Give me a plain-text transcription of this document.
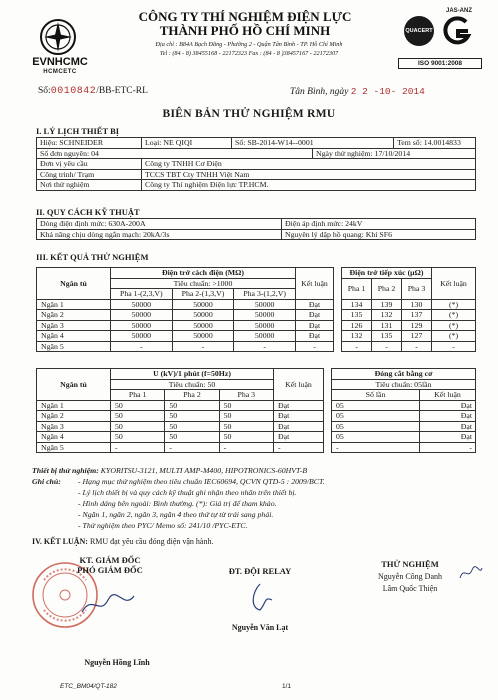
EVNHCMC
HCMCETC
CÔNG TY THÍ NGHIỆM ĐIỆN LỰC
THÀNH PHỐ HỒ CHÍ MINH
Địa chỉ : B84A Bạch Đằng - Phường 2 - Quận Tân Bình - TP. Hồ Chí Minh
Tel : (84 - 8) 38455168 - 22172323 Fax : (84 - 8 )38457167 - 22172307
JAS-ANZ
QUACERT
ISO 9001:2008
Số:0010842/BB-ETC-RL	Tân Bình, ngày 2 2 -10- 2014
BIÊN BẢN THỬ NGHIỆM RMU
I. LÝ LỊCH THIẾT BỊ
Hiệu: SCHNEIDER	Loại: NE QIQI	Số: SB-2014-W14--0001		Tem số: 14.0014833
Số đơn nguyên: 04			Ngày thử nghiệm: 17/10/2014	
Đơn vị yêu cầu	Công ty TNHH Cơ Điện			
Công trình/ Trạm	TCCS TBT Cty TNHH Việt Nam			
Nơi thử nghiệm	Công ty Thí nghiệm Điện lực TP.HCM.			
II. QUY CÁCH KỸ THUẬT
Dòng điện định mức: 630A-200A	Điện áp định mức: 24kV
Khả năng chịu dòng ngắn mạch: 20kA/3s	Nguyên lý dập hồ quang: Khí SF6
III. KẾT QUẢ THỬ NGHIỆM
Ngăn tủ	Điện trở cách điện (MΩ)			Kết luận		Điện trở tiếp xúc (μΩ)			Kết luận
	Tiêu chuẩn: >1000					Pha 1	Pha 2	Pha 3	
	Pha 1-(2,3,V)	Pha 2-(1,3,V)	Pha 3-(1,2,V)						
Ngăn 1	50000	50000	50000	Đạt		134	139	130	(*)
Ngăn 2	50000	50000	50000	Đạt		135	132	137	(*)
Ngăn 3	50000	50000	50000	Đạt		126	131	129	(*)
Ngăn 4	50000	50000	50000	Đạt		132	135	127	(*)
Ngăn 5	-	-	-	-		-	-	-	-
Ngăn tủ	U (kV)/1 phút (f=50Hz)			Kết luận		Đóng cắt bằng cơ	
	Tiêu chuẩn: 50					Tiêu chuẩn: 05lần	
	Pha 1	Pha 2	Pha 3			Số lần	Kết luận
Ngăn 1	50	50	50	Đạt		05	Đạt
Ngăn 2	50	50	50	Đạt		05	Đạt
Ngăn 3	50	50	50	Đạt		05	Đạt
Ngăn 4	50	50	50	Đạt		05	Đạt
Ngăn 5	-	-	-	-		-	-
Thiết bị thử nghiệm: KYORITSU-3121, MULTI AMP-M400, HIPOTRONICS-60HVT-B
Ghi chú: - Hạng mục thử nghiệm theo tiêu chuẩn IEC60694, QCVN QTD-5 : 2009/BCT.
- Lý lịch thiết bị và quy cách kỹ thuật ghi nhận theo nhãn trên thiết bị.
- Hình dáng bên ngoài: Bình thường. (*): Giá trị để tham khảo.
- Ngăn 1, ngăn 2, ngăn 3, ngăn 4 theo thứ tự từ trái sang phải.
- Thử nghiệm theo PYC/ Memo số: 241/10 /PYC-ETC.
IV. KẾT LUẬN: RMU đạt yêu cầu đóng điện vận hành.
KT. GIÁM ĐỐC
PHÓ GIÁM ĐỐC
Nguyễn Hồng Lĩnh
ĐT. ĐỘI RELAY
Nguyễn Văn Lạt
THỬ NGHIỆM
Nguyễn Công Danh
Lâm Quốc Thiện
ETC_BM04/QT-182	1/1
